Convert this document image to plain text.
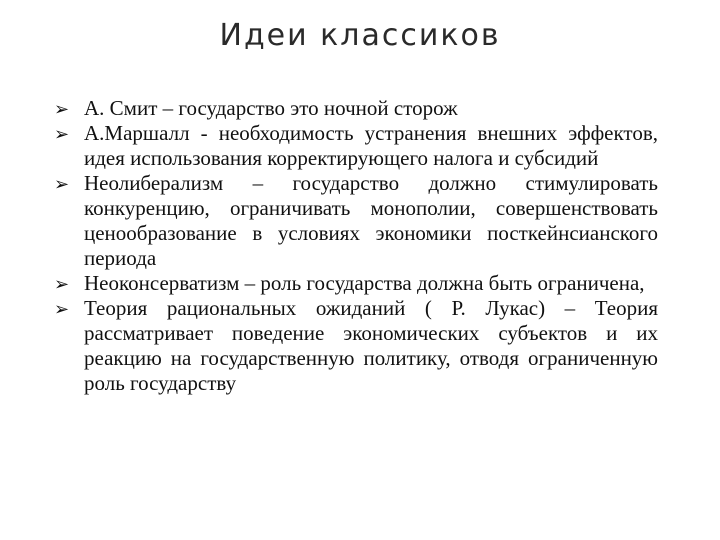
Идеи классиков
➢ А. Смит – государство это ночной сторож
➢ А.Маршалл - необходимость устранения внешних эффектов, идея использования корректирующего налога и субсидий
➢ Неолиберализм – государство должно стимулировать конкуренцию, ограничивать монополии, совершенствовать ценообразование в условиях экономики посткейнсианского периода
➢ Неоконсерватизм – роль государства должна быть ограничена,
➢ Теория рациональных ожиданий ( Р. Лукас) – Теория рассматривает поведение экономических субъектов и их реакцию на государственную политику, отводя ограниченную роль государству
